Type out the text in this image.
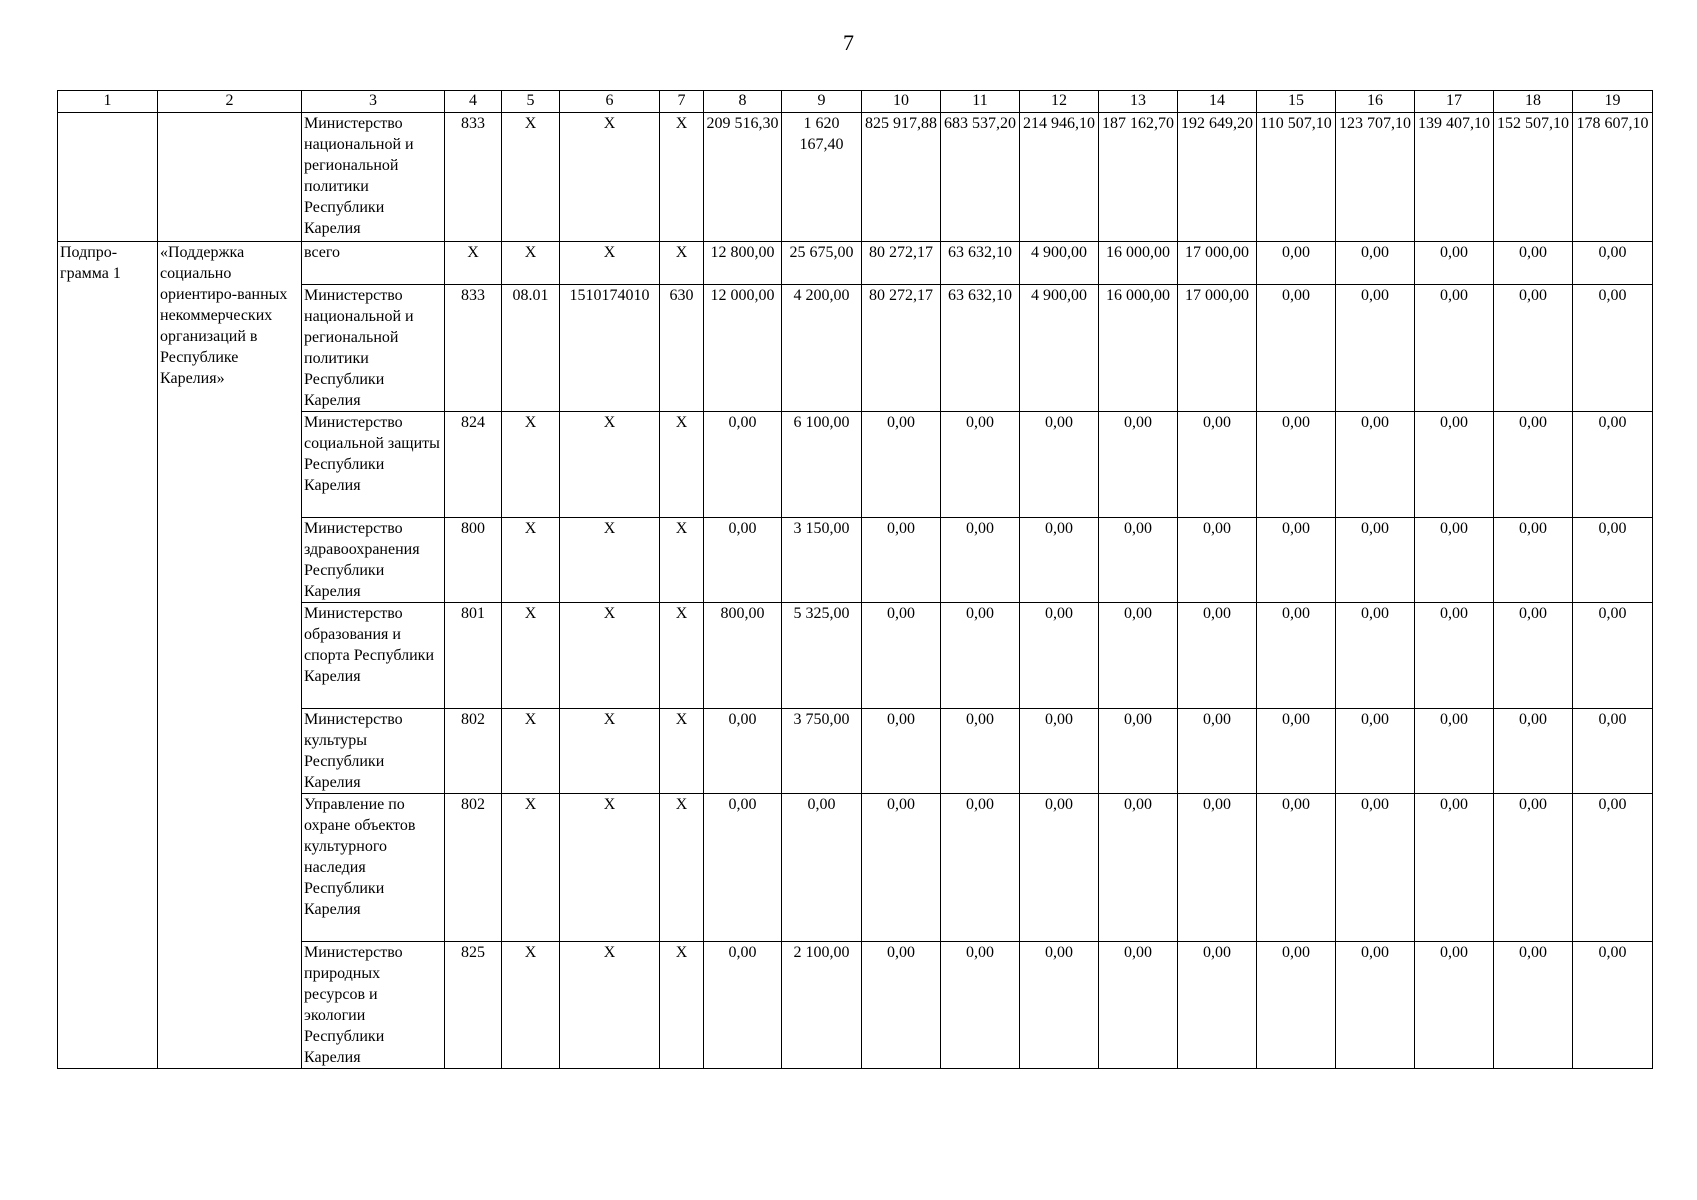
7
1	2	3	4	5	6	7	8	9	10	11	12	13	14	15	16	17	18	19
		Министерство национальной и региональной политики Республики Карелия	833	X	X	X	209 516,30	1 620 167,40	825 917,88	683 537,20	214 946,10	187 162,70	192 649,20	110 507,10	123 707,10	139 407,10	152 507,10	178 607,10
Подпро-грамма 1	«Поддержка социально ориентиро-ванных некоммерческих организаций в Республике Карелия»	всего	X	X	X	X	12 800,00	25 675,00	80 272,17	63 632,10	4 900,00	16 000,00	17 000,00	0,00	0,00	0,00	0,00	0,00
		Министерство национальной и региональной политики Республики Карелия	833	08.01	1510174010	630	12 000,00	4 200,00	80 272,17	63 632,10	4 900,00	16 000,00	17 000,00	0,00	0,00	0,00	0,00	0,00
		Министерство социальной защиты Республики Карелия	824	X	X	X	0,00	6 100,00	0,00	0,00	0,00	0,00	0,00	0,00	0,00	0,00	0,00	0,00
		Министерство здравоохранения Республики Карелия	800	X	X	X	0,00	3 150,00	0,00	0,00	0,00	0,00	0,00	0,00	0,00	0,00	0,00	0,00
		Министерство образования и спорта Республики Карелия	801	X	X	X	800,00	5 325,00	0,00	0,00	0,00	0,00	0,00	0,00	0,00	0,00	0,00	0,00
		Министерство культуры Республики Карелия	802	X	X	X	0,00	3 750,00	0,00	0,00	0,00	0,00	0,00	0,00	0,00	0,00	0,00	0,00
		Управление по охране объектов культурного наследия Республики Карелия	802	X	X	X	0,00	0,00	0,00	0,00	0,00	0,00	0,00	0,00	0,00	0,00	0,00	0,00
		Министерство природных ресурсов и экологии Республики Карелия	825	X	X	X	0,00	2 100,00	0,00	0,00	0,00	0,00	0,00	0,00	0,00	0,00	0,00	0,00
